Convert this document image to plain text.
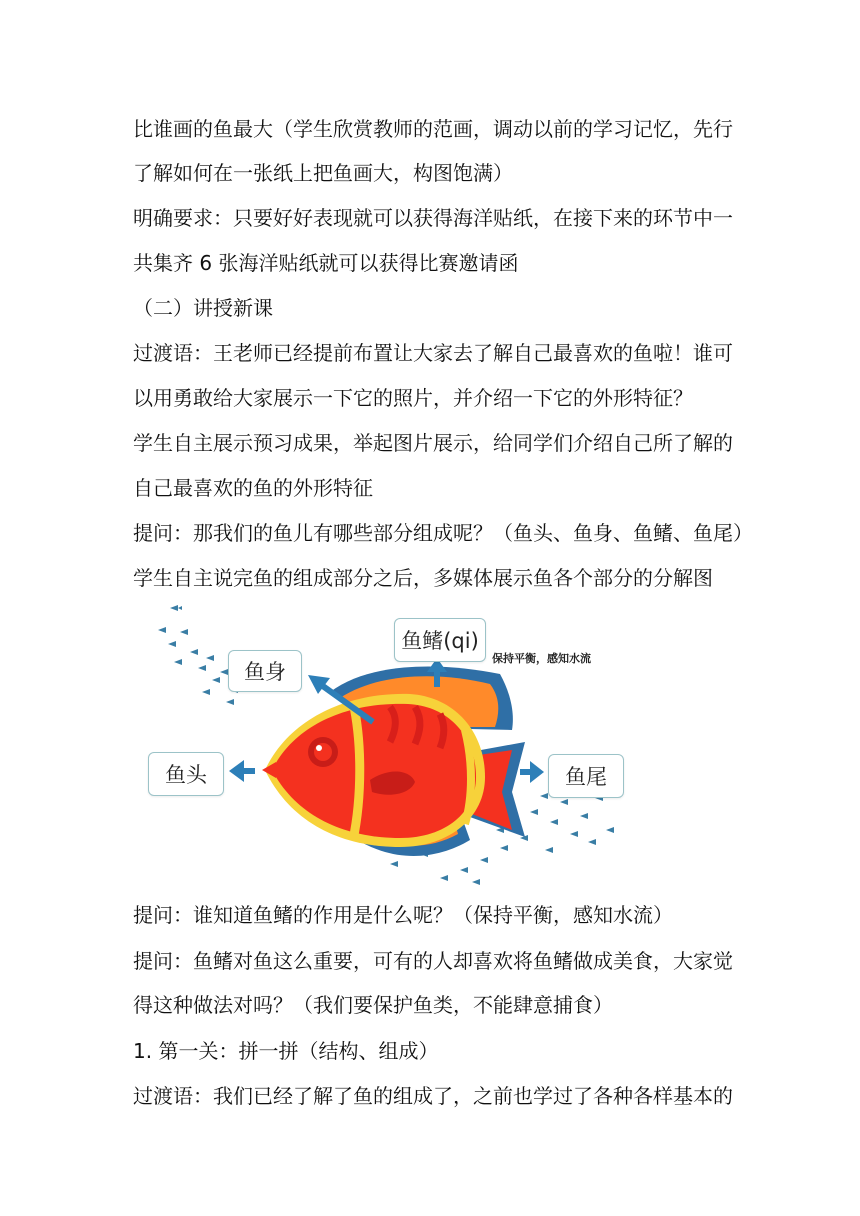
比谁画的鱼最大（学生欣赏教师的范画，调动以前的学习记忆，先行
了解如何在一张纸上把鱼画大，构图饱满）
明确要求：只要好好表现就可以获得海洋贴纸，在接下来的环节中一
共集齐 6 张海洋贴纸就可以获得比赛邀请函
（二）讲授新课
过渡语：王老师已经提前布置让大家去了解自己最喜欢的鱼啦！谁可
以用勇敢给大家展示一下它的照片，并介绍一下它的外形特征？
学生自主展示预习成果，举起图片展示，给同学们介绍自己所了解的
自己最喜欢的鱼的外形特征
提问：那我们的鱼儿有哪些部分组成呢？（鱼头、鱼身、鱼鳍、鱼尾）
学生自主说完鱼的组成部分之后，多媒体展示鱼各个部分的分解图
鱼身
鱼鳍(qi)
保持平衡，感知水流
鱼头	鱼尾
提问：谁知道鱼鳍的作用是什么呢？（保持平衡，感知水流）
提问：鱼鳍对鱼这么重要，可有的人却喜欢将鱼鳍做成美食，大家觉
得这种做法对吗？（我们要保护鱼类，不能肆意捕食）
1. 第一关：拼一拼（结构、组成）
过渡语：我们已经了解了鱼的组成了，之前也学过了各种各样基本的
